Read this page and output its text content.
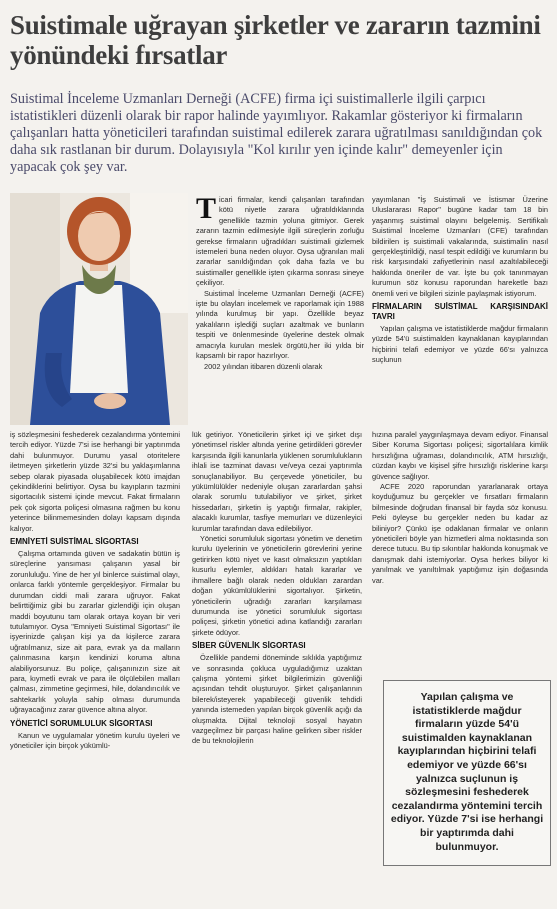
Suistimale uğrayan şirketler ve zararın tazmini yönündeki fırsatlar
Suistimal İnceleme Uzmanları Derneği (ACFE) firma içi suistimallerle ilgili çarpıcı istatistikleri düzenli olarak bir rapor halinde yayımlıyor. Rakamlar gösteriyor ki firmaların çalışanları hatta yöneticileri tarafından suistimal edilerek zarara uğratılması sanıldığından çok daha sık rastlanan bir durum. Dolayısıyla "Kol kırılır yen içinde kalır" demeyenler için yapacak çok şey var.

Ticari firmalar, kendi çalışanları tarafından kötü niyetle zarara uğratıldıklarında genellikle tazmin yoluna gitmiyor. Gerek zararın tazmin edilmesiyle ilgili süreçlerin zorluğu gerekse firmaların uğradıkları suistimali gizlemek istemeleri buna neden oluyor. Oysa uğranılan mali zararlar sanıldığından çok daha fazla ve bu suistimaller genellikle işten çıkarma sonrası sineye çekiliyor.

Suistimal İnceleme Uzmanları Derneği (ACFE) işte bu olayları incelemek ve raporlamak için 1988 yılında kurulmuş bir yapı. Özellikle beyaz yakalıların işlediği suçları azaltmak ve bunların tespiti ve önlenmesinde üyelerine destek olmak amacıyla kurulan meslek örgütü,her iki yılda bir kapsamlı bir rapor hazırlıyor.

2002 yılından itibaren düzenli olarak

yayımlanan "İş Suistimali ve İstismar Üzerine Uluslararası Rapor" bugüne kadar tam 18 bin yaşanmış suistimal olayını belgelemiş. Sertifikalı Suistimal İnceleme Uzmanları (CFE) tarafından bildirilen iş suistimali vakalarında, suistimalin nasıl gerçekleştirildiği, nasıl tespit edildiği ve kurumların bu risk karşısındaki zafiyetlerinin nasıl azaltılabileceği hakkında öneriler de var. İşte bu çok tanınmayan kurumun söz konusu raporundan hareketle bazı önemli veri ve bilgileri sizinle paylaşmak istiyorum.

FİRMALARIN SUİSTİMAL KARŞISINDAKİ TAVRI

Yapılan çalışma ve istatistiklerde mağdur firmaların yüzde 54'ü suistimalden kaynaklanan kayıplarından hiçbirini telafi edemiyor ve yüzde 66'sı yalnızca suçlunun

iş sözleşmesini feshederek cezalandırma yöntemini tercih ediyor. Yüzde 7'si ise herhangi bir yaptırımda dahi bulunmuyor. Durumu yasal otoritelere iletmeyen şirketlerin yüzde 32'si bu yaklaşımlarına sebep olarak piyasada oluşabilecek kötü imajdan çekindiklerini belirtiyor. Oysa bu kayıpların tazmini sigortacılık sistemi içinde mevcut. Fakat firmaların pek çok sigorta poliçesi olmasına rağmen bu konu yeterince bilinmemesinden dolayı kapsam dışında kalıyor.

EMNİYETİ SUİSTİMAL SİGORTASI

Çalışma ortamında güven ve sadakatin bütün iş süreçlerine yansıması çalışanın yasal bir zorunluluğu. Yine de her yıl binlerce suistimal olayı, onlarca farklı yöntemle gerçekleşiyor. Firmalar bu durumdan ciddi mali zarara uğruyor. Fakat belirttiğimiz gibi bu zararlar gizlendiği için oluşan maddi boyutunu tam olarak ortaya koyan bir veri tutulamıyor. Oysa "Emniyeti Suistimal Sigortası" ile işyerinizde çalışan kişi ya da kişilerce zarara uğratılmanız, size ait para, evrak ya da malların çalınmasına karşın kendinizi koruma altına alabiliyorsunuz. Bu poliçe, çalışanınızın size ait para, kıymetli evrak ve para ile ölçülebilen malları çalması, zimmetine geçirmesi, hile, dolandırıcılık ve sahtekarlık yoluyla sahip olması durumunda uğrayacağınız zarar güvence altına alıyor.

YÖNETİCİ SORUMLULUK SİGORTASI

Kanun ve uygulamalar yönetim kurulu üyeleri ve yöneticiler için birçok yükümlü-

lük getiriyor. Yöneticilerin şirket içi ve şirket dışı yönetimsel riskler altında yerine getirdikleri görevler karşısında ilgili kanunlarla yüklenen sorumlulukların ihlali ise tazminat davası ve/veya cezai yaptırımla sonuçlanabiliyor. Bu çerçevede yöneticiler, bu yükümlülükler nedeniyle oluşan zararlardan şahsi olarak sorumlu tutulabiliyor ve şirket, şirket hissedarları, şirketin iş yaptığı firmalar, rakipler, alacaklı kurumlar, tasfiye memurları ve düzenleyici kurumlar tarafından dava edilebiliyor.

Yönetici sorumluluk sigortası yönetim ve denetim kurulu üyelerinin ve yöneticilerin görevlerini yerine getirirken kötü niyet ve kasıt olmaksızın yaptıkları kusurlu eylemler, aldıkları hatalı kararlar ve ihmallere bağlı olarak neden oldukları zarardan doğan yükümlülüklerini sigortalıyor. Şirketin, yöneticilerin uğradığı zararları karşılaması durumunda ise yönetici sorumluluk sigortası poliçesi, şirketin yönetici adına katlandığı zararları şirkete ödüyor.

SİBER GÜVENLİK SİGORTASI

Özellikle pandemi döneminde sıklıkla yaptığımız ve sonrasında çokluca uyguladığımız uzaktan çalışma yöntemi şirket bilgilerimizin güvenliği açısından tehdit oluşturuyor. Şirket çalışanlarının bilerek/isteyerek yapabileceği güvenlik tehdidi yanında istemeden yapılan birçok güvenlik açığı da oluşmakta. Dijital teknoloji sosyal hayatın vazgeçilmez bir parçası haline gelirken siber riskler de bu teknolojilerin

hızına paralel yaygınlaşmaya devam ediyor. Finansal Siber Koruma Sigortası poliçesi; sigortalılara kimlik hırsızlığına uğraması, dolandırıcılık, ATM hırsızlığı, cüzdan kaybı ve kişisel şifre hırsızlığı risklerine karşı güvence sağlıyor.

ACFE 2020 raporundan yararlanarak ortaya koyduğumuz bu gerçekler ve fırsatları firmaların bilmesinde doğrudan finansal bir fayda söz konusu. Peki öyleyse bu gerçekler neden bu kadar az biliniyor? Çünkü işe odaklanan firmalar ve onların yöneticileri böyle yan hizmetleri alma noktasında son derece tutucu. Bu tip sıkıntılar hakkında konuşmak ve danışmak dahi istemiyorlar. Oysa herkes biliyor ki yanılmak ve yanıltılmak yaptığımız işin doğasında var.

Yapılan çalışma ve istatistiklerde mağdur firmaların yüzde 54'ü suistimalden kaynaklanan kayıplarından hiçbirini telafi edemiyor ve yüzde 66'sı yalnızca suçlunun iş sözleşmesini feshederek cezalandırma yöntemini tercih ediyor. Yüzde 7'si ise herhangi bir yaptırımda dahi bulunmuyor.
